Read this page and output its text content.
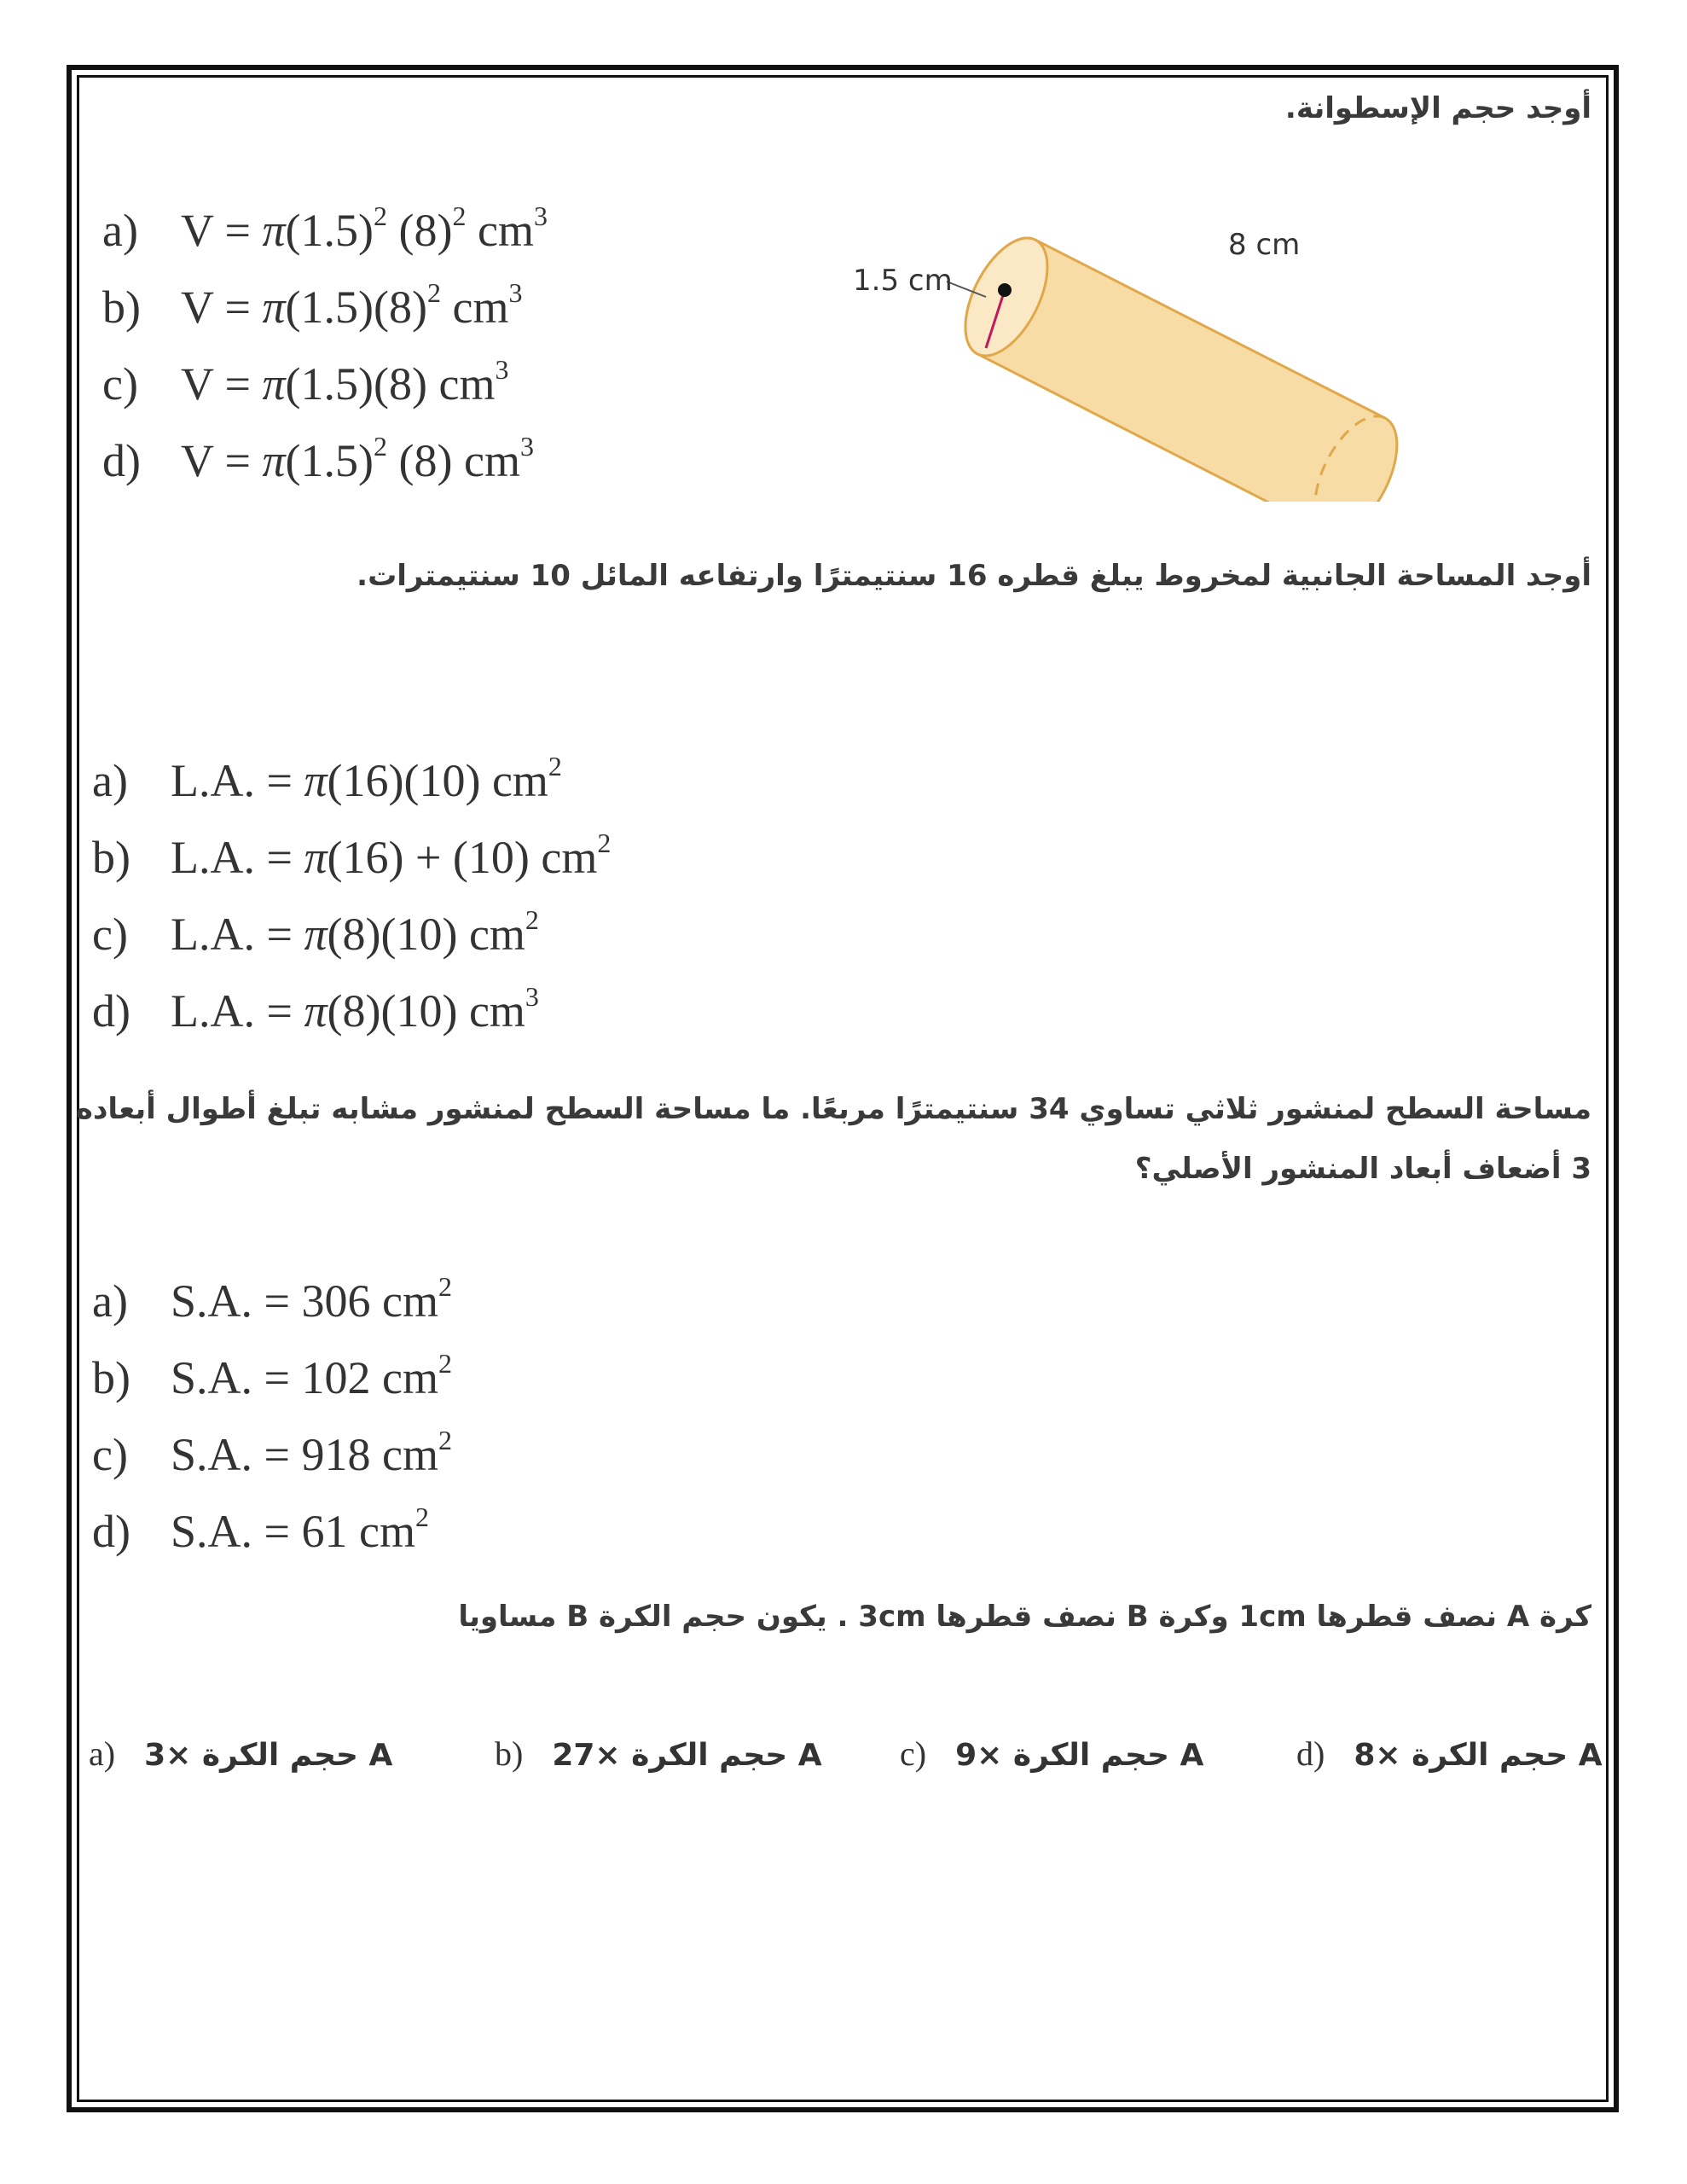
أوجد حجم الإسطوانة.
1.5 cm
8 cm
a) $V = \pi(1.5)^2$ $(8)^2$ $cm^3$
b) $V = \pi(1.5)(8)^2$ $cm^3$
c) V = π(1.5)(8) $cm^3$
d) $V = \pi(1.5)^2$ (8) $cm^3$
أوجد المساحة الجانبية لمخروط يبلغ قطره 16 سنتيمترًا وارتفاعه المائل 10 سنتيمترات.
a) L.A. = π(16)(10) $cm^2$
b) L.A. = π(16) + (10) $cm^2$
c) L.A. = π(8)(10) $cm^2$
d) L.A. = π(8)(10) $cm^3$
مساحة السطح لمنشور ثلاثي تساوي 34 سنتيمترًا مربعًا. ما مساحة السطح لمنشور مشابه تبلغ أطوال أبعاده
3 أضعاف أبعاد المنشور الأصلي؟
a) S.A. = 306 $cm^2$
b) S.A. = 102 $cm^2$
c) S.A. = 918 $cm^2$
d) S.A. = 61 $cm^2$
كرة A نصف قطرها 1cm وكرة B نصف قطرها 3cm . يكون حجم الكرة B مساويا
a) 3× حجم الكرة A	b) 27× حجم الكرة A c) 9× حجم الكرة A	d) 8× حجم الكرة A
